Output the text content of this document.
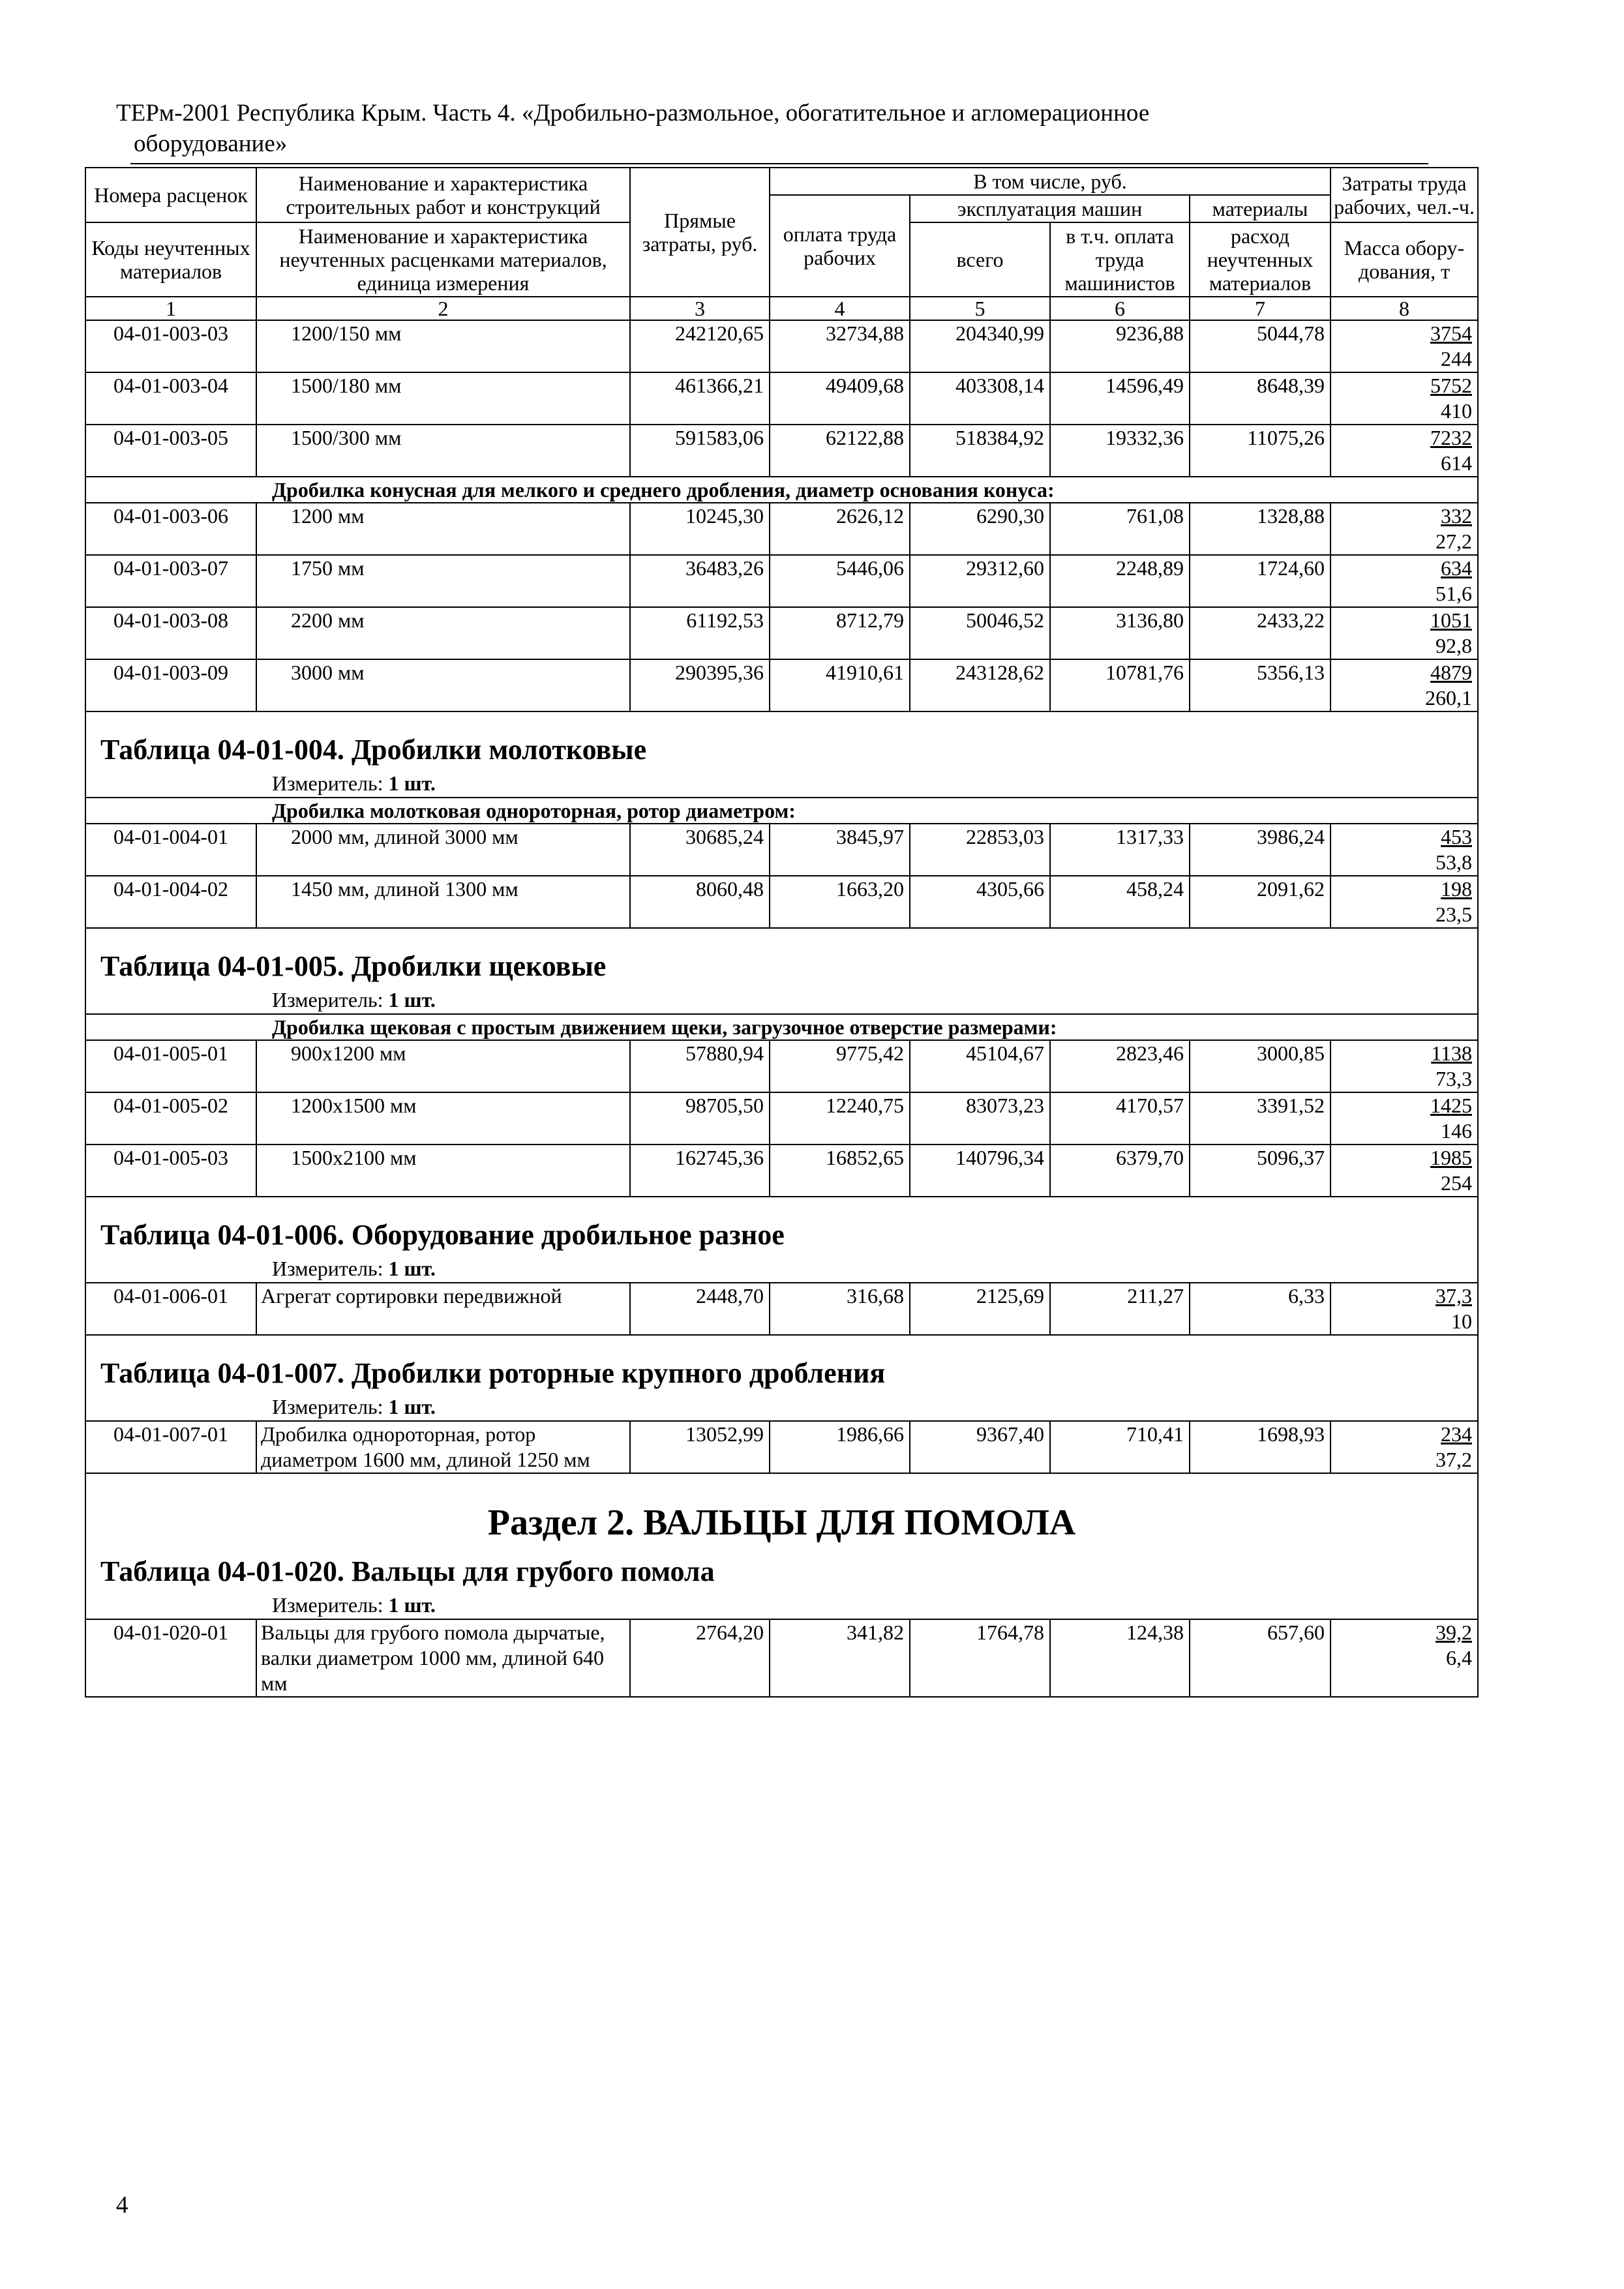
ТЕРм-2001 Республика Крым. Часть 4. «Дробильно-размольное, обогатительное и агломерационное
оборудование»
Номера расценок	Наименование и характеристика строительных работ и конструкций	Прямые затраты, руб.	В том числе, руб.				Затраты труда рабочих, чел.-ч.
			оплата труда рабочих	эксплуатация машин		материалы	
Коды неучтенных материалов	Наименование и характеристика неучтенных расценками материалов, единица измерения			всего	в т.ч. оплата труда машинистов	расход неучтенных материалов	
							Масса обору-дования, т
1	2	3	4	5	6	7	8
04-01-003-03	1200/150 мм	242120,65	32734,88	204340,99	9236,88	5044,78	3754
244

04-01-003-04	1500/180 мм	461366,21	49409,68	403308,14	14596,49	8648,39	5752
410

04-01-003-05	1500/300 мм	591583,06	62122,88	518384,92	19332,36	11075,26	7232
614

Дробилка конусная для мелкого и среднего дробления, диаметр основания конуса:							
04-01-003-06	1200 мм	10245,30	2626,12	6290,30	761,08	1328,88	332
27,2

04-01-003-07	1750 мм	36483,26	5446,06	29312,60	2248,89	1724,60	634
51,6

04-01-003-08	2200 мм	61192,53	8712,79	50046,52	3136,80	2433,22	1051
92,8

04-01-003-09	3000 мм	290395,36	41910,61	243128,62	10781,76	5356,13	4879
260,1

Таблица 04-01-004. Дробилки молотковые							
Измеритель: 1 шт.							
Дробилка молотковая однороторная, ротор диаметром:							
04-01-004-01	2000 мм, длиной 3000 мм	30685,24	3845,97	22853,03	1317,33	3986,24	453
53,8

04-01-004-02	1450 мм, длиной 1300 мм	8060,48	1663,20	4305,66	458,24	2091,62	198
23,5

Таблица 04-01-005. Дробилки щековые							
Измеритель: 1 шт.							
Дробилка щековая с простым движением щеки, загрузочное отверстие размерами:							
04-01-005-01	900х1200 мм	57880,94	9775,42	45104,67	2823,46	3000,85	1138
73,3

04-01-005-02	1200х1500 мм	98705,50	12240,75	83073,23	4170,57	3391,52	1425
146

04-01-005-03	1500х2100 мм	162745,36	16852,65	140796,34	6379,70	5096,37	1985
254

Таблица 04-01-006. Оборудование дробильное разное							
Измеритель: 1 шт.							
04-01-006-01	Агрегат сортировки передвижной	2448,70	316,68	2125,69	211,27	6,33	37,3
10

Таблица 04-01-007. Дробилки роторные крупного дробления							
Измеритель: 1 шт.							
04-01-007-01	Дробилка однороторная, ротор диаметром 1600 мм, длиной 1250 мм	13052,99	1986,66	9367,40	710,41	1698,93	234
37,2

Раздел 2. ВАЛЬЦЫ ДЛЯ ПОМОЛА							
Таблица 04-01-020. Вальцы для грубого помола							
Измеритель: 1 шт.							
04-01-020-01	Вальцы для грубого помола дырчатые, валки диаметром 1000 мм, длиной 640 мм	2764,20	341,82	1764,78	124,38	657,60	39,2
6,4
4
